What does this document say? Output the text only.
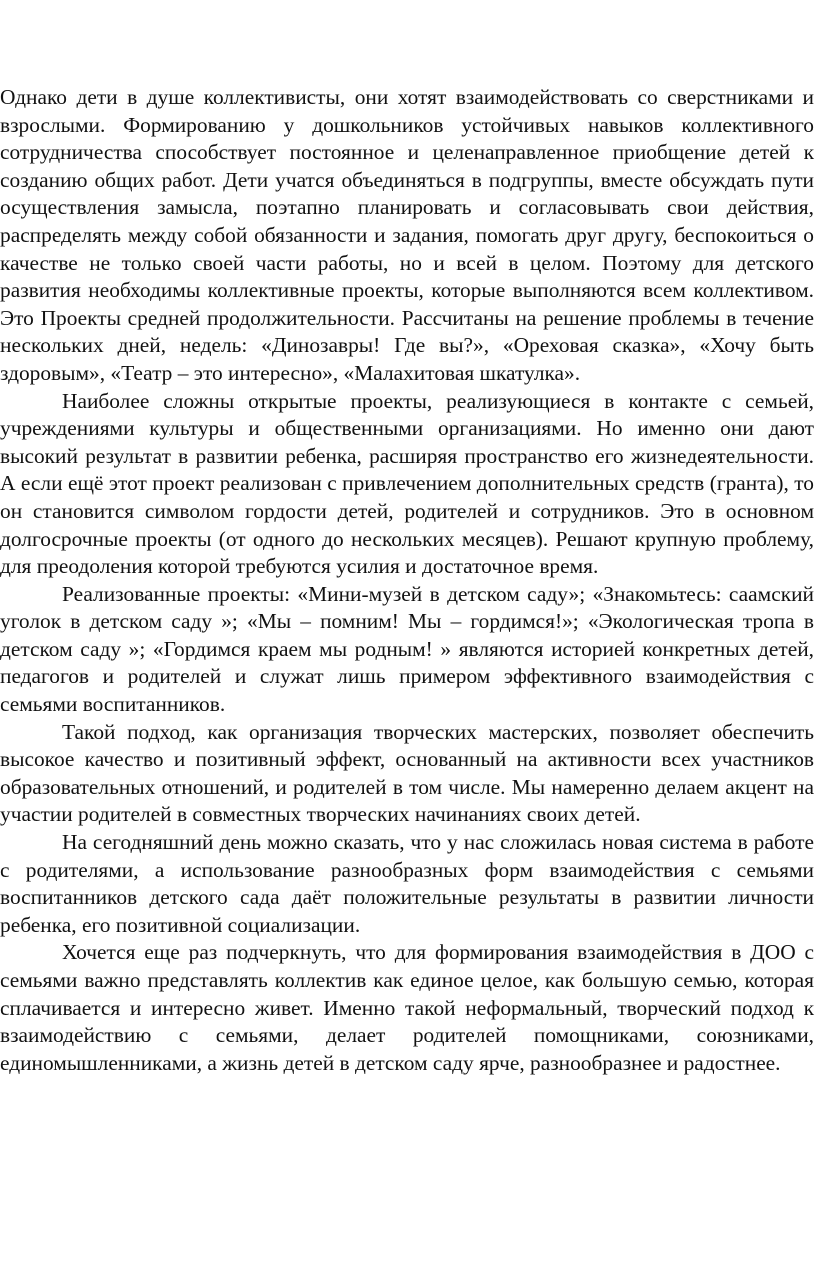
Однако дети в душе коллективисты, они хотят взаимодействовать со сверстниками и взрослыми. Формированию у дошкольников устойчивых навыков коллективного сотрудничества способствует постоянное и целенаправленное приобщение детей к созданию общих работ. Дети учатся объединяться в подгруппы, вместе обсуждать пути осуществления замысла, поэтапно планировать и согласовывать свои действия, распределять между собой обязанности и задания, помогать друг другу, беспокоиться о качестве не только своей части работы, но и всей в целом. Поэтому для детского развития необходимы коллективные проекты, которые выполняются всем коллективом. Это Проекты средней продолжительности. Рассчитаны на решение проблемы в течение нескольких дней, недель: «Динозавры! Где вы?», «Ореховая сказка», «Хочу быть здоровым», «Театр – это интересно», «Малахитовая шкатулка».

Наиболее сложны открытые проекты, реализующиеся в контакте с семьей, учреждениями культуры и общественными организациями. Но именно они дают высокий результат в развитии ребенка, расширяя пространство его жизнедеятельности. А если ещё этот проект реализован с привлечением дополнительных средств (гранта), то он становится символом гордости детей, родителей и сотрудников. Это в основном долгосрочные проекты (от одного до нескольких месяцев). Решают крупную проблему, для преодоления которой требуются усилия и достаточное время.

Реализованные проекты: «Мини-музей в детском саду»; «Знакомьтесь: саамский уголок в детском саду »; «Мы – помним! Мы – гордимся!»; «Экологическая тропа в детском саду »; «Гордимся краем мы родным! » являются историей конкретных детей, педагогов и родителей и служат лишь примером эффективного взаимодействия с семьями воспитанников.

Такой подход, как организация творческих мастерских, позволяет обеспечить высокое качество и позитивный эффект, основанный на активности всех участников образовательных отношений, и родителей в том числе. Мы намеренно делаем акцент на участии родителей в совместных творческих начинаниях своих детей.

На сегодняшний день можно сказать, что у нас сложилась новая система в работе с родителями, а использование разнообразных форм взаимодействия с семьями воспитанников детского сада даёт положительные результаты в развитии личности ребенка, его позитивной социализации.

Хочется еще раз подчеркнуть, что для формирования взаимодействия в ДОО с семьями важно представлять коллектив как единое целое, как большую семью, которая сплачивается и интересно живет. Именно такой неформальный, творческий подход к взаимодействию с семьями, делает родителей помощниками, союзниками, единомышленниками, а жизнь детей в детском саду ярче, разнообразнее и радостнее.
